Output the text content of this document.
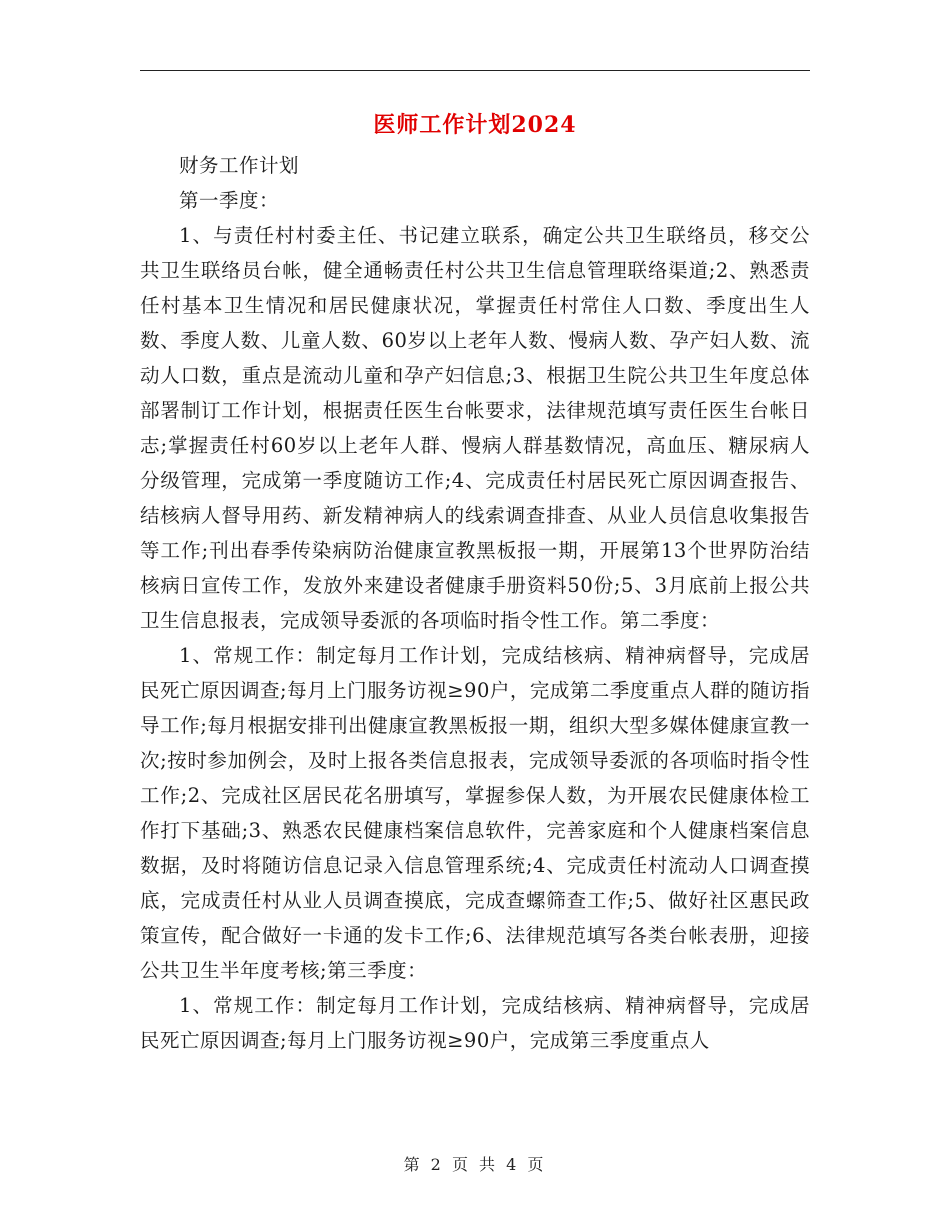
医师工作计划2024

财务工作计划

第一季度：

1、与责任村村委主任、书记建立联系，确定公共卫生联络员，移交公共卫生联络员台帐，健全通畅责任村公共卫生信息管理联络渠道;2、熟悉责任村基本卫生情况和居民健康状况，掌握责任村常住人口数、季度出生人数、季度人数、儿童人数、60岁以上老年人数、慢病人数、孕产妇人数、流动人口数，重点是流动儿童和孕产妇信息;3、根据卫生院公共卫生年度总体部署制订工作计划，根据责任医生台帐要求，法律规范填写责任医生台帐日志;掌握责任村60岁以上老年人群、慢病人群基数情况，高血压、糖尿病人分级管理，完成第一季度随访工作;4、完成责任村居民死亡原因调查报告、结核病人督导用药、新发精神病人的线索调查排查、从业人员信息收集报告等工作;刊出春季传染病防治健康宣教黑板报一期，开展第13个世界防治结核病日宣传工作，发放外来建设者健康手册资料50份;5、3月底前上报公共卫生信息报表，完成领导委派的各项临时指令性工作。第二季度：

1、常规工作：制定每月工作计划，完成结核病、精神病督导，完成居民死亡原因调查;每月上门服务访视≥90户，完成第二季度重点人群的随访指导工作;每月根据安排刊出健康宣教黑板报一期，组织大型多媒体健康宣教一次;按时参加例会，及时上报各类信息报表，完成领导委派的各项临时指令性工作;2、完成社区居民花名册填写，掌握参保人数，为开展农民健康体检工作打下基础;3、熟悉农民健康档案信息软件，完善家庭和个人健康档案信息数据，及时将随访信息记录入信息管理系统;4、完成责任村流动人口调查摸底，完成责任村从业人员调查摸底，完成查螺筛查工作;5、做好社区惠民政策宣传，配合做好一卡通的发卡工作;6、法律规范填写各类台帐表册，迎接公共卫生半年度考核;第三季度：

1、常规工作：制定每月工作计划，完成结核病、精神病督导，完成居民死亡原因调查;每月上门服务访视≥90户，完成第三季度重点人

第 2 页 共 4 页
